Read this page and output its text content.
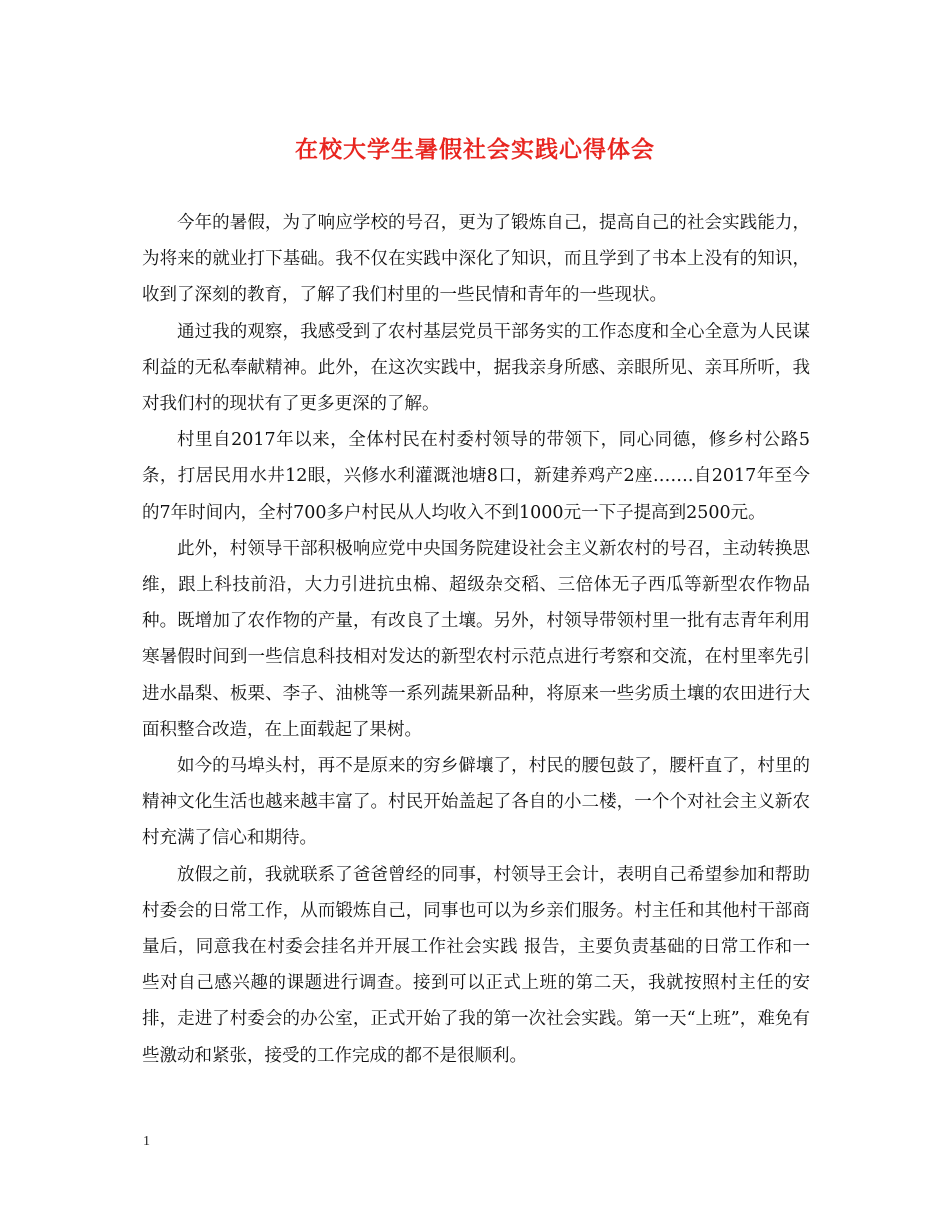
在校大学生暑假社会实践心得体会

今年的暑假，为了响应学校的号召，更为了锻炼自己，提高自己的社会实践能力，为将来的就业打下基础。我不仅在实践中深化了知识，而且学到了书本上没有的知识，收到了深刻的教育，了解了我们村里的一些民情和青年的一些现状。

通过我的观察，我感受到了农村基层党员干部务实的工作态度和全心全意为人民谋利益的无私奉献精神。此外，在这次实践中，据我亲身所感、亲眼所见、亲耳所听，我对我们村的现状有了更多更深的了解。

村里自2017年以来，全体村民在村委村领导的带领下，同心同德，修乡村公路5条，打居民用水井12眼，兴修水利灌溉池塘8口，新建养鸡产2座…….自2017年至今的7年时间内，全村700多户村民从人均收入不到1000元一下子提高到2500元。

此外，村领导干部积极响应党中央国务院建设社会主义新农村的号召，主动转换思维，跟上科技前沿，大力引进抗虫棉、超级杂交稻、三倍体无子西瓜等新型农作物品种。既增加了农作物的产量，有改良了土壤。另外，村领导带领村里一批有志青年利用寒暑假时间到一些信息科技相对发达的新型农村示范点进行考察和交流，在村里率先引进水晶梨、板栗、李子、油桃等一系列蔬果新品种，将原来一些劣质土壤的农田进行大面积整合改造，在上面载起了果树。

如今的马埠头村，再不是原来的穷乡僻壤了，村民的腰包鼓了，腰杆直了，村里的精神文化生活也越来越丰富了。村民开始盖起了各自的小二楼，一个个对社会主义新农村充满了信心和期待。

放假之前，我就联系了爸爸曾经的同事，村领导王会计，表明自己希望参加和帮助村委会的日常工作，从而锻炼自己，同事也可以为乡亲们服务。村主任和其他村干部商量后，同意我在村委会挂名并开展工作社会实践 报告，主要负责基础的日常工作和一些对自己感兴趣的课题进行调查。接到可以正式上班的第二天，我就按照村主任的安排，走进了村委会的办公室，正式开始了我的第一次社会实践。第一天“上班”，难免有些激动和紧张，接受的工作完成的都不是很顺利。

1
